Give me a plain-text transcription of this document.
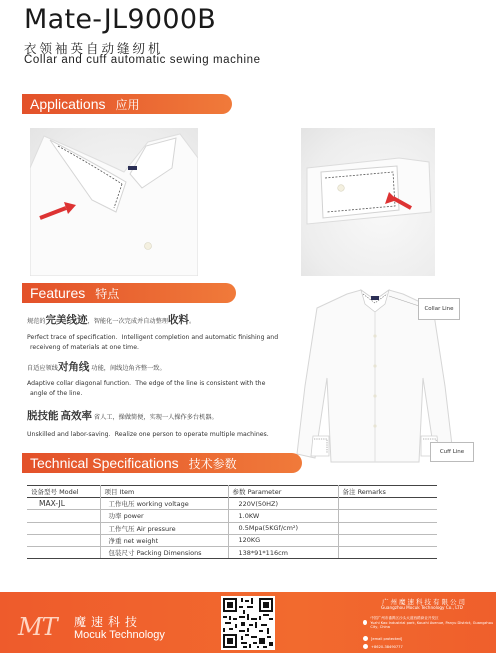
Mate-JL9000B
衣领袖英自动缝纫机
Collar and cuff automatic sewing machine
Applications 应用
Features 特点
规范的完美线迹，智能化一次完成并自动整理收料。
Perfect trace of specification．Intelligent completion and automatic finishing and
receiveng of materials at one time.
自适应领线对角线 功能，间线边角齐整一致。
Adaptive collar diagonal function．The edge of the line is consistent with the
angle of the line.
脱技能 高效率 省人工，操做简便，实现一人操作多台机器。
Unskilled and labor-saving．Realize one person to operate multiple machines.
Collar Line
Cuff Line
Technical Specifications 技术参数
设备型号 Model	项目 Item	参数 Parameter	备注 Remarks
MAX-JL	工作电压 working voltage	220V(50HZ)	
	功率 power	1.0KW	
	工作气压 Air pressure	0.5Mpa(5KGf/cm²)	
	净重 net weight	120KG	
	包装尺寸 Packing Dimensions	138*91*116cm	
MT 魔速科技
Mocuk Technology
广州魔速科技有限公司
Guangzhou Mocuk Technology Co., LTD
中国广州市番禺区沙头大道西路商业开发区
Yuzhi Kao Industrial park, Kouzhi Avenue, Panyu District, Guangzhou City, China
[email protected]
+8620-38490777
